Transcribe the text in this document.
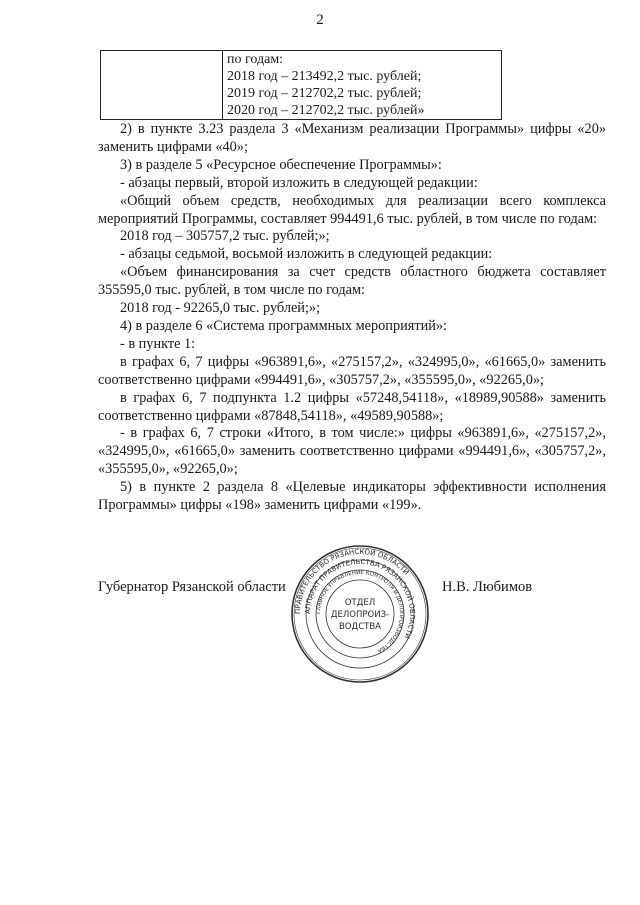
2

по годам:
2018 год – 213492,2 тыс. рублей;
2019 год – 212702,2 тыс. рублей;
2020 год – 212702,2 тыс. рублей»

2) в пункте 3.23 раздела 3 «Механизм реализации Программы» цифры «20» заменить цифрами «40»;

3) в разделе 5 «Ресурсное обеспечение Программы»:

- абзацы первый, второй изложить в следующей редакции:

«Общий объем средств, необходимых для реализации всего комплекса мероприятий Программы, составляет 994491,6 тыс. рублей, в том числе по годам:

2018 год – 305757,2 тыс. рублей;»;

- абзацы седьмой, восьмой изложить в следующей редакции:

«Объем финансирования за счет средств областного бюджета составляет 355595,0 тыс. рублей, в том числе по годам:

2018 год - 92265,0 тыс. рублей;»;

4) в разделе 6 «Система программных мероприятий»:

- в пункте 1:

в графах 6, 7 цифры «963891,6», «275157,2», «324995,0», «61665,0» заменить соответственно цифрами «994491,6», «305757,2», «355595,0», «92265,0»;

в графах 6, 7 подпункта 1.2 цифры «57248,54118», «18989,90588» заменить соответственно цифрами «87848,54118», «49589,90588»;

- в графах 6, 7 строки «Итого, в том числе:» цифры «963891,6», «275157,2», «324995,0», «61665,0» заменить соответственно цифрами «994491,6», «305757,2», «355595,0», «92265,0»;

5) в пункте 2 раздела 8 «Целевые индикаторы эффективности исполнения Программы» цифры «198» заменить цифрами «199».

Губернатор Рязанской области	Н.В. Любимов
ПРАВИТЕЛЬСТВО РЯЗАНСКОЙ ОБЛАСТИ
АППАРАТ ПРАВИТЕЛЬСТВА РЯЗАНСКОЙ ОБЛАСТИ
ГЛАВНОЕ УПРАВЛЕНИЕ КОНТРОЛЯ И ДЕЛОПРОИЗВОДСТВА
ОТДЕЛ
ДЕЛОПРОИЗ-
ВОДСТВА
